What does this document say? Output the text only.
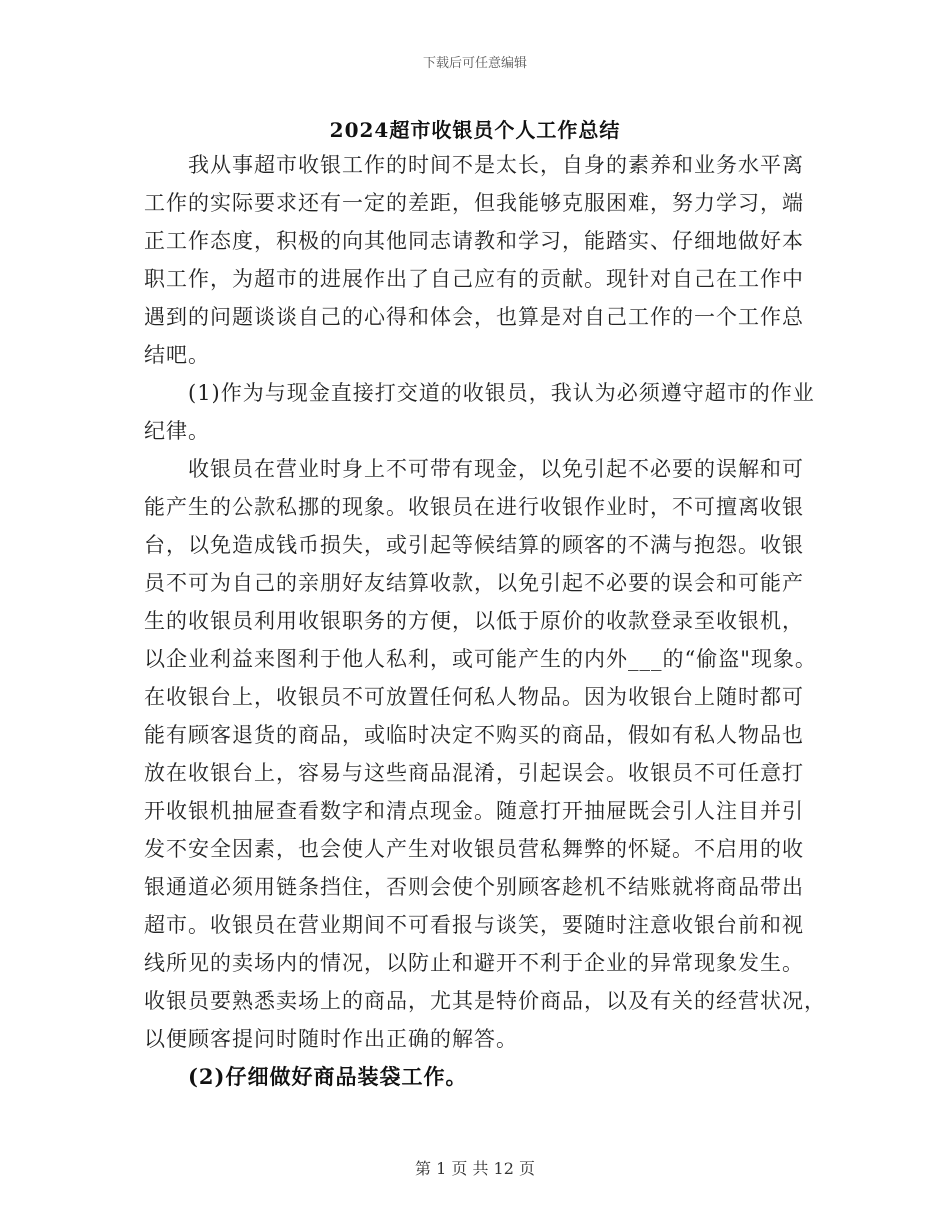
下载后可任意编辑
2024超市收银员个人工作总结
　　我从事超市收银工作的时间不是太长，自身的素养和业务水平离
工作的实际要求还有一定的差距，但我能够克服困难，努力学习，端
正工作态度，积极的向其他同志请教和学习，能踏实、仔细地做好本
职工作，为超市的进展作出了自己应有的贡献。现针对自己在工作中
遇到的问题谈谈自己的心得和体会，也算是对自己工作的一个工作总
结吧。
　　(1)作为与现金直接打交道的收银员，我认为必须遵守超市的作业
纪律。
　　收银员在营业时身上不可带有现金，以免引起不必要的误解和可
能产生的公款私挪的现象。收银员在进行收银作业时，不可擅离收银
台，以免造成钱币损失，或引起等候结算的顾客的不满与抱怨。收银
员不可为自己的亲朋好友结算收款，以免引起不必要的误会和可能产
生的收银员利用收银职务的方便，以低于原价的收款登录至收银机，
以企业利益来图利于他人私利，或可能产生的内外___的“偷盗"现象。
在收银台上，收银员不可放置任何私人物品。因为收银台上随时都可
能有顾客退货的商品，或临时决定不购买的商品，假如有私人物品也
放在收银台上，容易与这些商品混淆，引起误会。收银员不可任意打
开收银机抽屉查看数字和清点现金。随意打开抽屉既会引人注目并引
发不安全因素，也会使人产生对收银员营私舞弊的怀疑。不启用的收
银通道必须用链条挡住，否则会使个别顾客趁机不结账就将商品带出
超市。收银员在营业期间不可看报与谈笑，要随时注意收银台前和视
线所见的卖场内的情况，以防止和避开不利于企业的异常现象发生。
收银员要熟悉卖场上的商品，尤其是特价商品，以及有关的经营状况，
以便顾客提问时随时作出正确的解答。
　　(2)仔细做好商品装袋工作。
第 1 页 共 12 页
